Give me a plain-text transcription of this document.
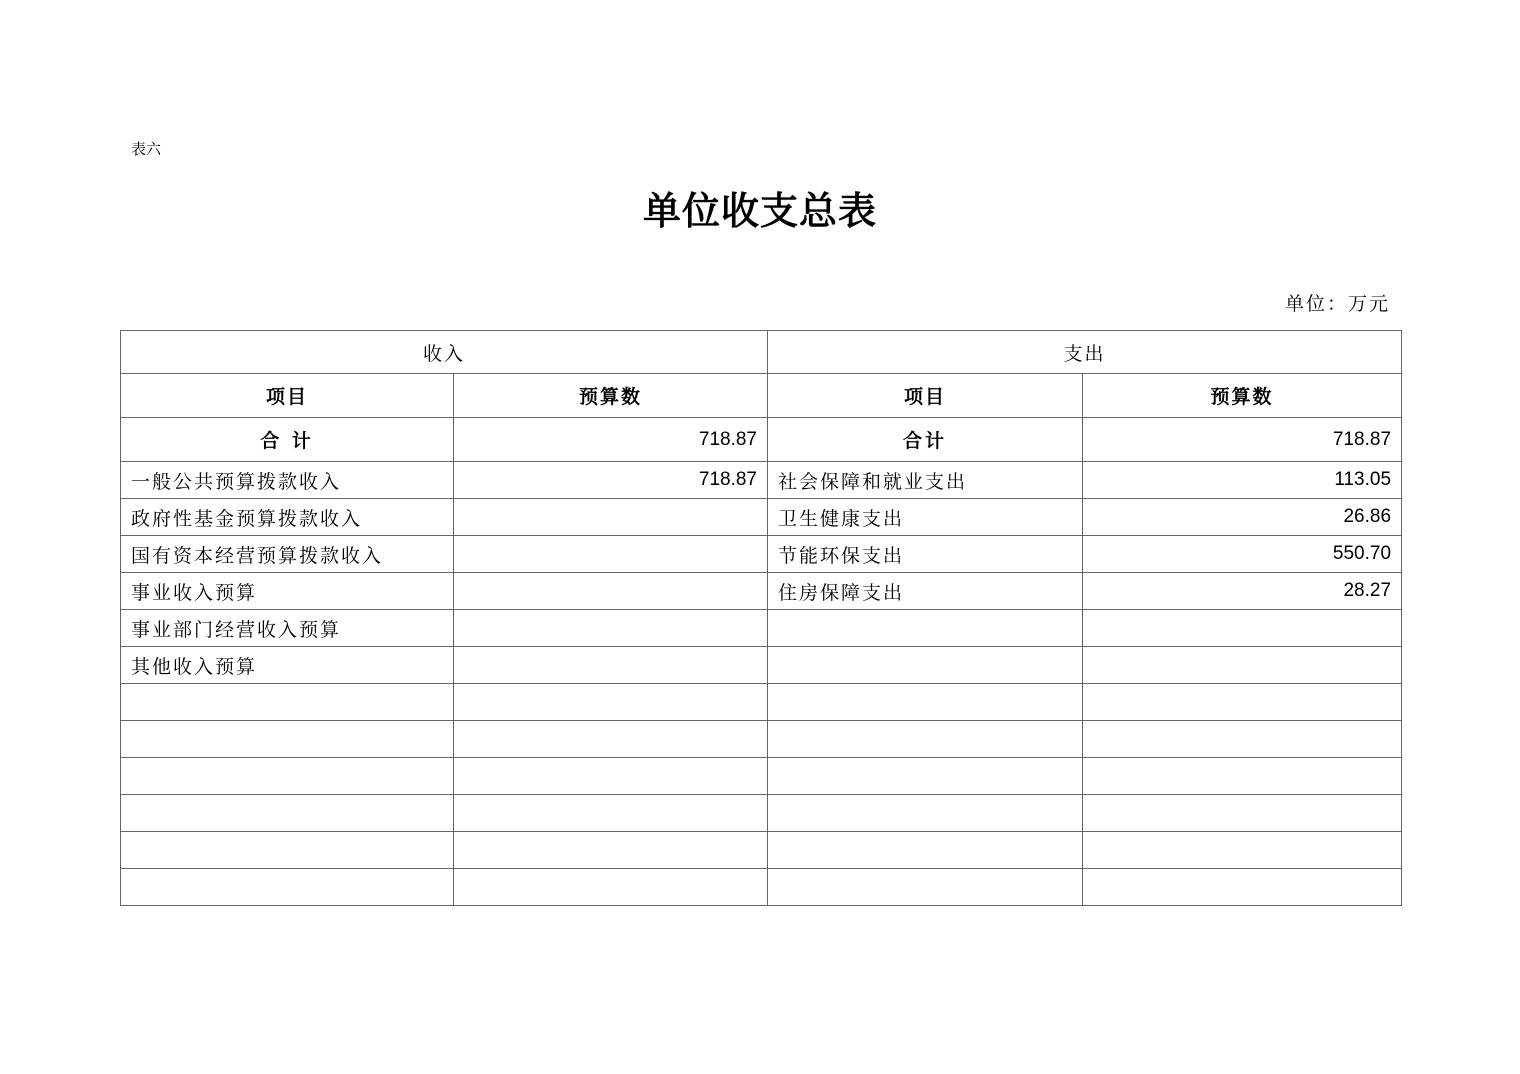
表六
单位收支总表
单位：万元
收入		支出	
项目	预算数	项目	预算数
合 计	718.87	合计	718.87
一般公共预算拨款收入	718.87	社会保障和就业支出	113.05
政府性基金预算拨款收入		卫生健康支出	26.86
国有资本经营预算拨款收入		节能环保支出	550.70
事业收入预算		住房保障支出	28.27
事业部门经营收入预算			
其他收入预算			
